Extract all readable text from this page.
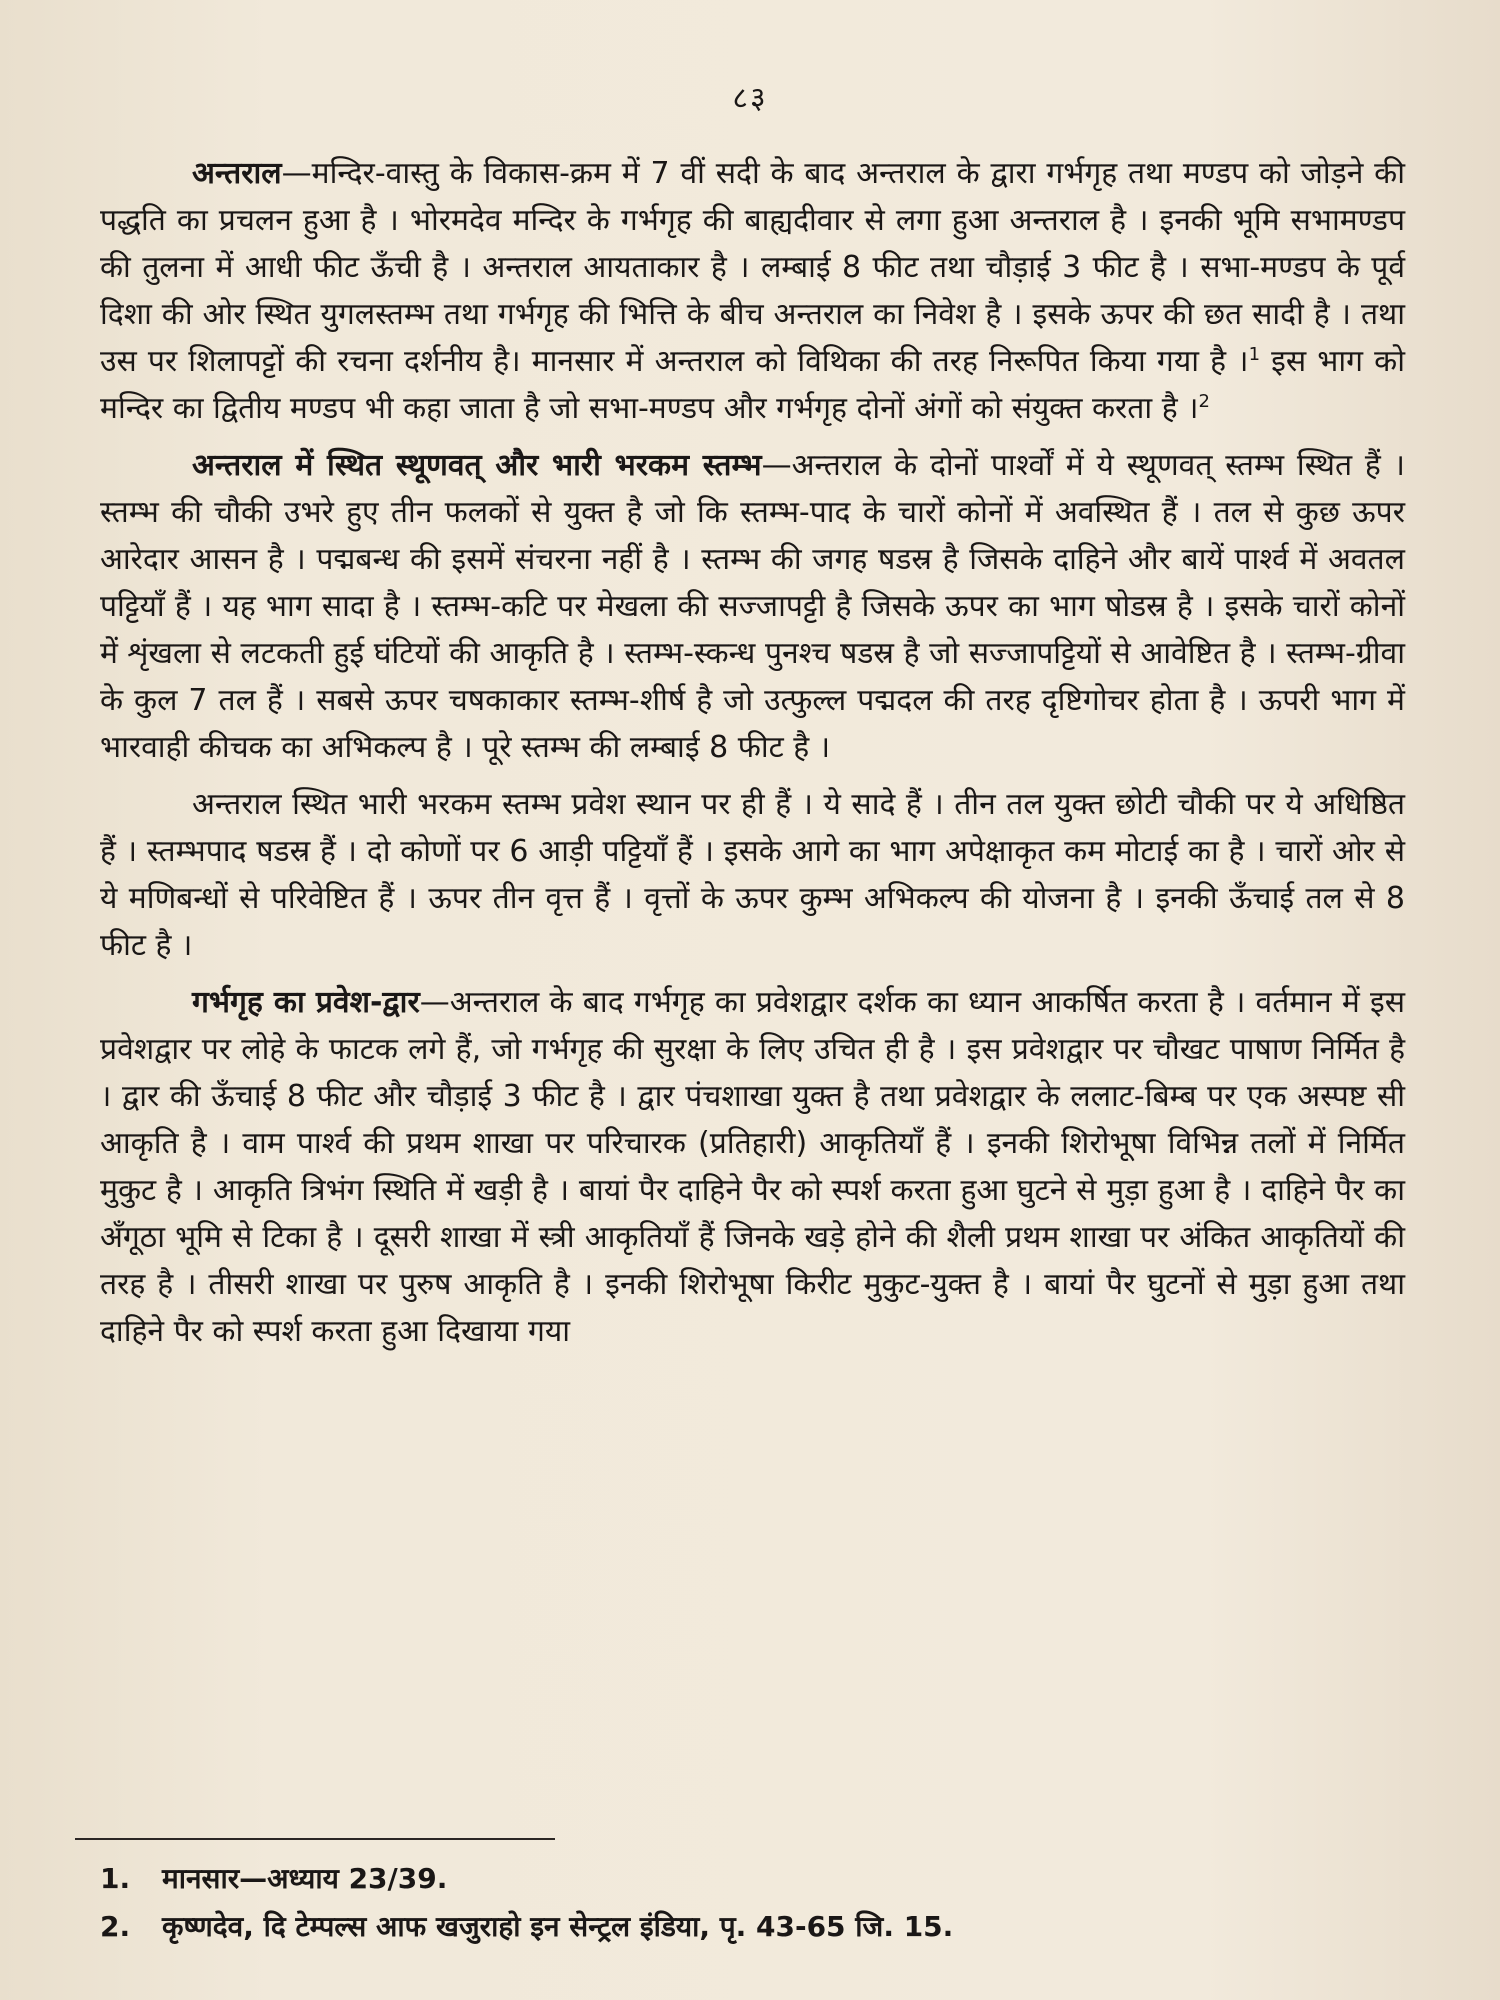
८३

अन्तराल—मन्दिर-वास्तु के विकास-क्रम में 7 वीं सदी के बाद अन्तराल के द्वारा गर्भगृह तथा मण्डप को जोड़ने की पद्धति का प्रचलन हुआ है । भोरमदेव मन्दिर के गर्भगृह की बाह्यदीवार से लगा हुआ अन्तराल है । इनकी भूमि सभामण्डप की तुलना में आधी फीट ऊँची है । अन्तराल आयताकार है । लम्बाई 8 फीट तथा चौड़ाई 3 फीट है । सभा-मण्डप के पूर्व दिशा की ओर स्थित युगलस्तम्भ तथा गर्भगृह की भित्ति के बीच अन्तराल का निवेश है । इसके ऊपर की छत सादी है । तथा उस पर शिलापट्टों की रचना दर्शनीय है। मानसार में अन्तराल को विथिका की तरह निरूपित किया गया है ।$^1$ इस भाग को मन्दिर का द्वितीय मण्डप भी कहा जाता है जो सभा-मण्डप और गर्भगृह दोनों अंगों को संयुक्त करता है ।$^2$

अन्तराल में स्थित स्थूणवत् और भारी भरकम स्तम्भ—अन्तराल के दोनों पार्श्वों में ये स्थूणवत् स्तम्भ स्थित हैं । स्तम्भ की चौकी उभरे हुए तीन फलकों से युक्त है जो कि स्तम्भ-पाद के चारों कोनों में अवस्थित हैं । तल से कुछ ऊपर आरेदार आसन है । पद्मबन्ध की इसमें संचरना नहीं है । स्तम्भ की जगह षडस्र है जिसके दाहिने और बायें पार्श्व में अवतल पट्टियाँ हैं । यह भाग सादा है । स्तम्भ-कटि पर मेखला की सज्जापट्टी है जिसके ऊपर का भाग षोडस्र है । इसके चारों कोनों में शृंखला से लटकती हुई घंटियों की आकृति है । स्तम्भ-स्कन्ध पुनश्च षडस्र है जो सज्जापट्टियों से आवेष्टित है । स्तम्भ-ग्रीवा के कुल 7 तल हैं । सबसे ऊपर चषकाकार स्तम्भ-शीर्ष है जो उत्फुल्ल पद्मदल की तरह दृष्टिगोचर होता है । ऊपरी भाग में भारवाही कीचक का अभिकल्प है । पूरे स्तम्भ की लम्बाई 8 फीट है ।

अन्तराल स्थित भारी भरकम स्तम्भ प्रवेश स्थान पर ही हैं । ये सादे हैं । तीन तल युक्त छोटी चौकी पर ये अधिष्ठित हैं । स्तम्भपाद षडस्र हैं । दो कोणों पर 6 आड़ी पट्टियाँ हैं । इसके आगे का भाग अपेक्षाकृत कम मोटाई का है । चारों ओर से ये मणिबन्धों से परिवेष्टित हैं । ऊपर तीन वृत्त हैं । वृत्तों के ऊपर कुम्भ अभिकल्प की योजना है । इनकी ऊँचाई तल से 8 फीट है ।

गर्भगृह का प्रवेश-द्वार—अन्तराल के बाद गर्भगृह का प्रवेशद्वार दर्शक का ध्यान आकर्षित करता है । वर्तमान में इस प्रवेशद्वार पर लोहे के फाटक लगे हैं, जो गर्भगृह की सुरक्षा के लिए उचित ही है । इस प्रवेशद्वार पर चौखट पाषाण निर्मित है । द्वार की ऊँचाई 8 फीट और चौड़ाई 3 फीट है । द्वार पंचशाखा युक्त है तथा प्रवेशद्वार के ललाट-बिम्ब पर एक अस्पष्ट सी आकृति है । वाम पार्श्व की प्रथम शाखा पर परिचारक (प्रतिहारी) आकृतियाँ हैं । इनकी शिरोभूषा विभिन्न तलों में निर्मित मुकुट है । आकृति त्रिभंग स्थिति में खड़ी है । बायां पैर दाहिने पैर को स्पर्श करता हुआ घुटने से मुड़ा हुआ है । दाहिने पैर का अँगूठा भूमि से टिका है । दूसरी शाखा में स्त्री आकृतियाँ हैं जिनके खड़े होने की शैली प्रथम शाखा पर अंकित आकृतियों की तरह है । तीसरी शाखा पर पुरुष आकृति है । इनकी शिरोभूषा किरीट मुकुट-युक्त है । बायां पैर घुटनों से मुड़ा हुआ तथा दाहिने पैर को स्पर्श करता हुआ दिखाया गया

1. मानसार—अध्याय 23/39.
2. कृष्णदेव, दि टेम्पल्स आफ खजुराहो इन सेन्ट्रल इंडिया, पृ. 43-65 जि. 15.
